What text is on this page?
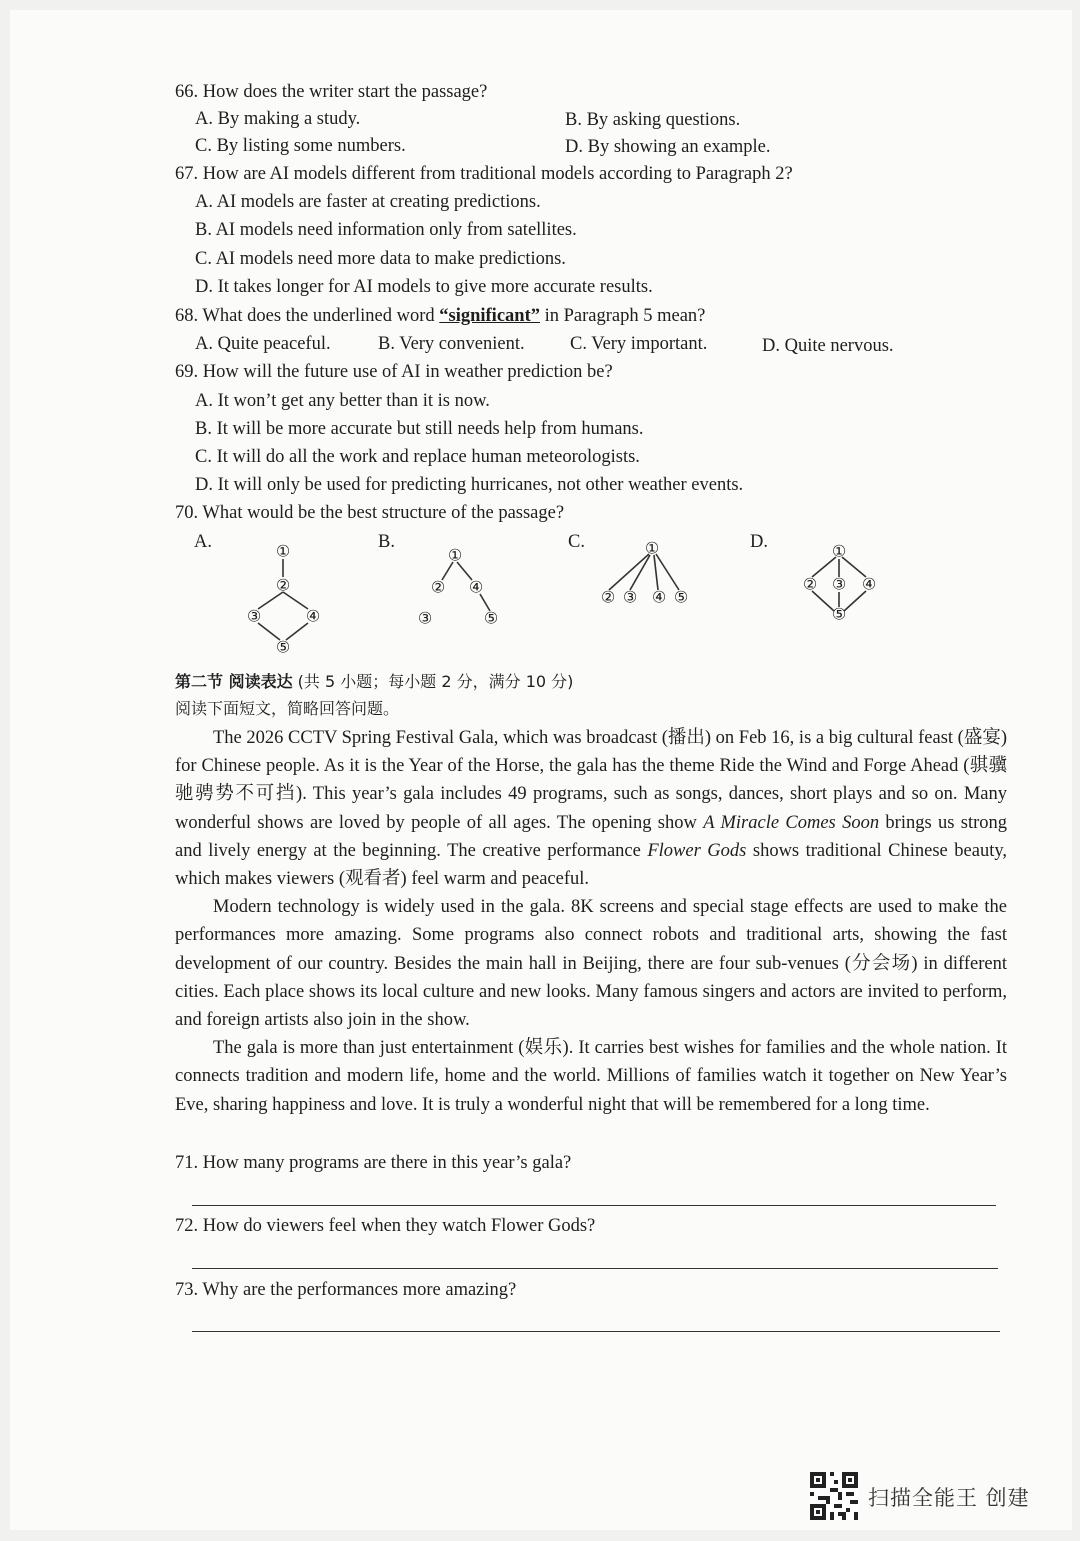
66. How does the writer start the passage?
A. By making a study.	B. By asking questions.
C. By listing some numbers.	D. By showing an example.
67. How are AI models different from traditional models according to Paragraph 2?
A. AI models are faster at creating predictions.
B. AI models need information only from satellites.
C. AI models need more data to make predictions.
D. It takes longer for AI models to give more accurate results.
68. What does the underlined word “significant” in Paragraph 5 mean?
A. Quite peaceful.	B. Very convenient. C. Very important.	D. Quite nervous.
69. How will the future use of AI in weather prediction be?
A. It won’t get any better than it is now.
B. It will be more accurate but still needs help from humans.
C. It will do all the work and replace human meteorologists.
D. It will only be used for predicting hurricanes, not other weather events.
70. What would be the best structure of the passage?
A.	B.	C.	D.
①
②
③	④
⑤
①
② ④
③	⑤
①
② ③ ④ ⑤
①
② ③ ④
⑤
第二节 阅读表达 (共 5 小题；每小题 2 分，满分 10 分)
阅读下面短文，简略回答问题。
The 2026 CCTV Spring Festival Gala, which was broadcast (播出) on Feb 16, is a big cultural feast (盛宴) for Chinese people. As it is the Year of the Horse, the gala has the theme Ride the Wind and Forge Ahead (骐骥驰骋势不可挡). This year’s gala includes 49 programs, such as songs, dances, short plays and so on. Many wonderful shows are loved by people of all ages. The opening show A Miracle Comes Soon brings us strong and lively energy at the beginning. The creative performance Flower Gods shows traditional Chinese beauty, which makes viewers (观看者) feel warm and peaceful.
Modern technology is widely used in the gala. 8K screens and special stage effects are used to make the performances more amazing. Some programs also connect robots and traditional arts, showing the fast development of our country. Besides the main hall in Beijing, there are four sub-venues (分会场) in different cities. Each place shows its local culture and new looks. Many famous singers and actors are invited to perform, and foreign artists also join in the show.
The gala is more than just entertainment (娱乐). It carries best wishes for families and the whole nation. It connects tradition and modern life, home and the world. Millions of families watch it together on New Year’s Eve, sharing happiness and love. It is truly a wonderful night that will be remembered for a long time.
71. How many programs are there in this year’s gala?
72. How do viewers feel when they watch Flower Gods?
73. Why are the performances more amazing?
扫描全能王 创建
